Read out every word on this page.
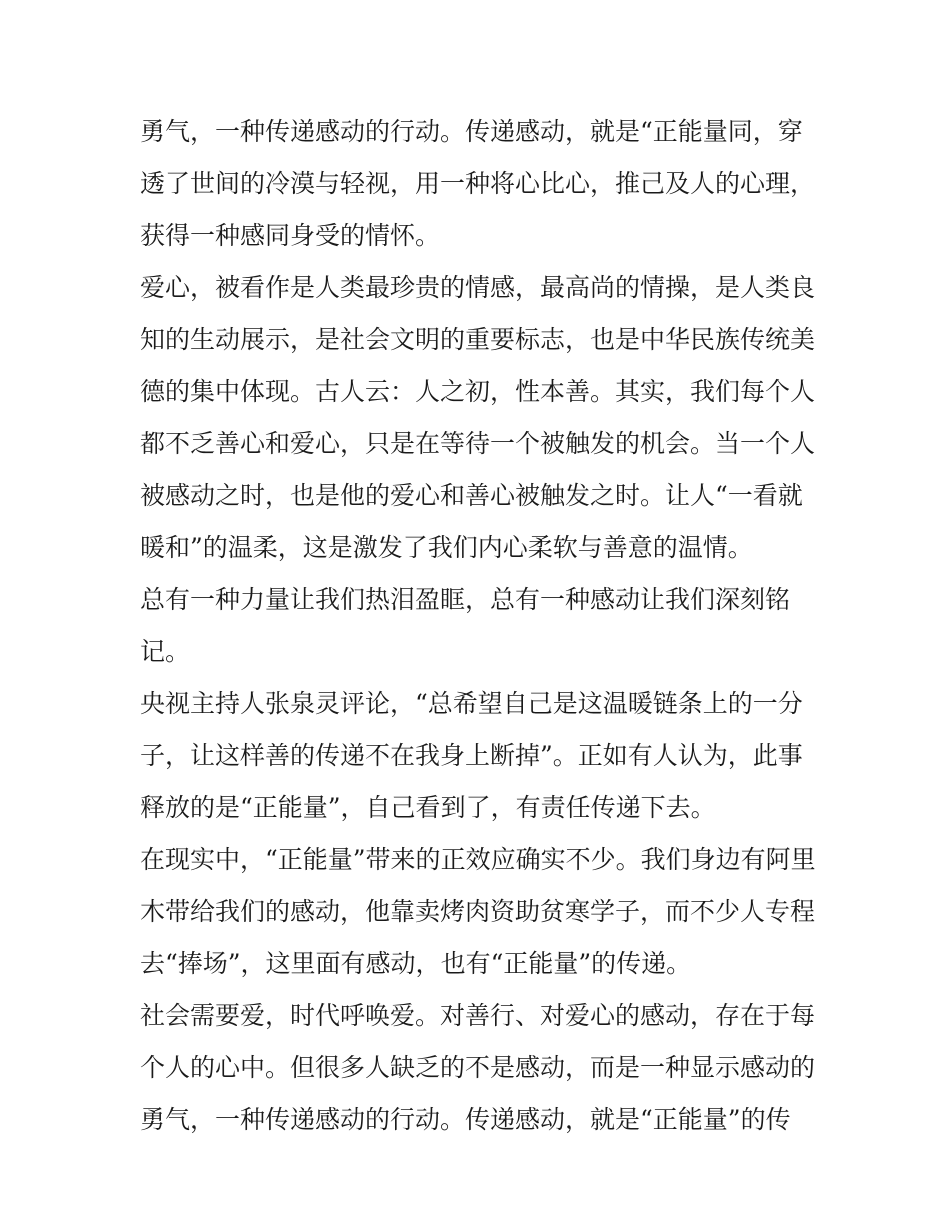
勇气，一种传递感动的行动。传递感动，就是“正能量同，穿
透了世间的冷漠与轻视，用一种将心比心，推己及人的心理，
获得一种感同身受的情怀。
爱心，被看作是人类最珍贵的情感，最高尚的情操，是人类良
知的生动展示，是社会文明的重要标志，也是中华民族传统美
德的集中体现。古人云：人之初，性本善。其实，我们每个人
都不乏善心和爱心，只是在等待一个被触发的机会。当一个人
被感动之时，也是他的爱心和善心被触发之时。让人“一看就
暖和”的温柔，这是激发了我们内心柔软与善意的温情。
总有一种力量让我们热泪盈眶，总有一种感动让我们深刻铭
记。
央视主持人张泉灵评论，“总希望自己是这温暖链条上的一分
子，让这样善的传递不在我身上断掉”。正如有人认为，此事
释放的是“正能量”，自己看到了，有责任传递下去。
在现实中，“正能量”带来的正效应确实不少。我们身边有阿里
木带给我们的感动，他靠卖烤肉资助贫寒学子，而不少人专程
去“捧场”，这里面有感动，也有“正能量”的传递。
社会需要爱，时代呼唤爱。对善行、对爱心的感动，存在于每
个人的心中。但很多人缺乏的不是感动，而是一种显示感动的
勇气，一种传递感动的行动。传递感动，就是“正能量”的传
